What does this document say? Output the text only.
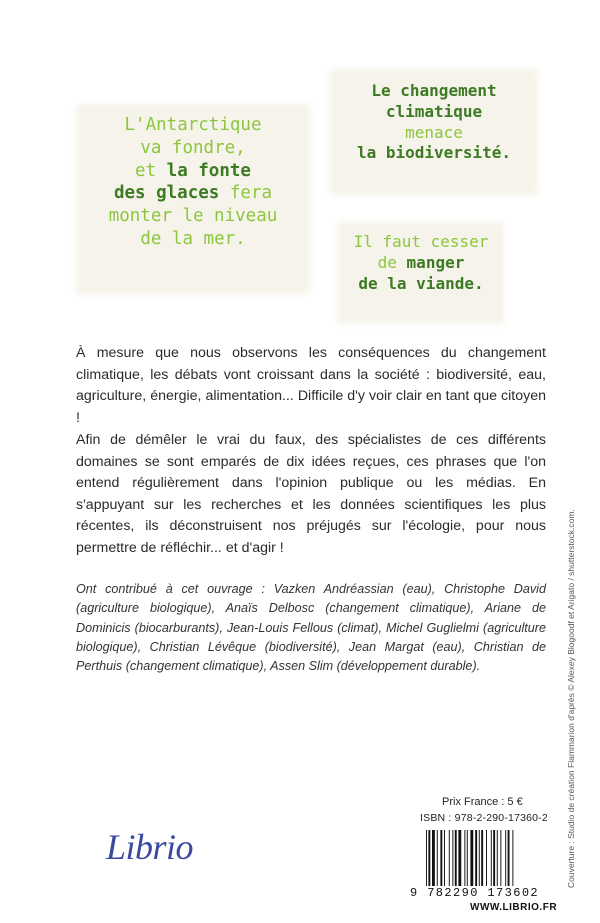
L'Antarctique
va fondre,
et la fonte
des glaces fera
monter le niveau
de la mer.
Le changement
climatique
menace
la biodiversité.
Il faut cesser
de manger
de la viande.

À mesure que nous observons les conséquences du changement climatique, les débats vont croissant dans la société : biodiversité, eau, agriculture, énergie, alimentation... Difficile d'y voir clair en tant que citoyen !

Afin de démêler le vrai du faux, des spécialistes de ces différents domaines se sont emparés de dix idées reçues, ces phrases que l'on entend régulièrement dans l'opinion publique ou les médias. En s'appuyant sur les recherches et les données scientifiques les plus récentes, ils déconstruisent nos préjugés sur l'écologie, pour nous permettre de réfléchir... et d'agir !

Ont contribué à cet ouvrage : Vazken Andréassian (eau), Christophe David (agriculture biologique), Anaïs Delbosc (changement climatique), Ariane de Dominicis (biocarburants), Jean-Louis Fellous (climat), Michel Guglielmi (agriculture biologique), Christian Lévêque (biodiversité), Jean Margat (eau), Christian de Perthuis (changement climatique), Assen Slim (développement durable).

Librio
Prix France : 5 €
ISBN : 978-2-290-17360-2
9 782290 173602
WWW.LIBRIO.FR
Couverture : Studio de création Flammarion d'après © Alexey Blogoodf et Arigato / shutterstock.com.
